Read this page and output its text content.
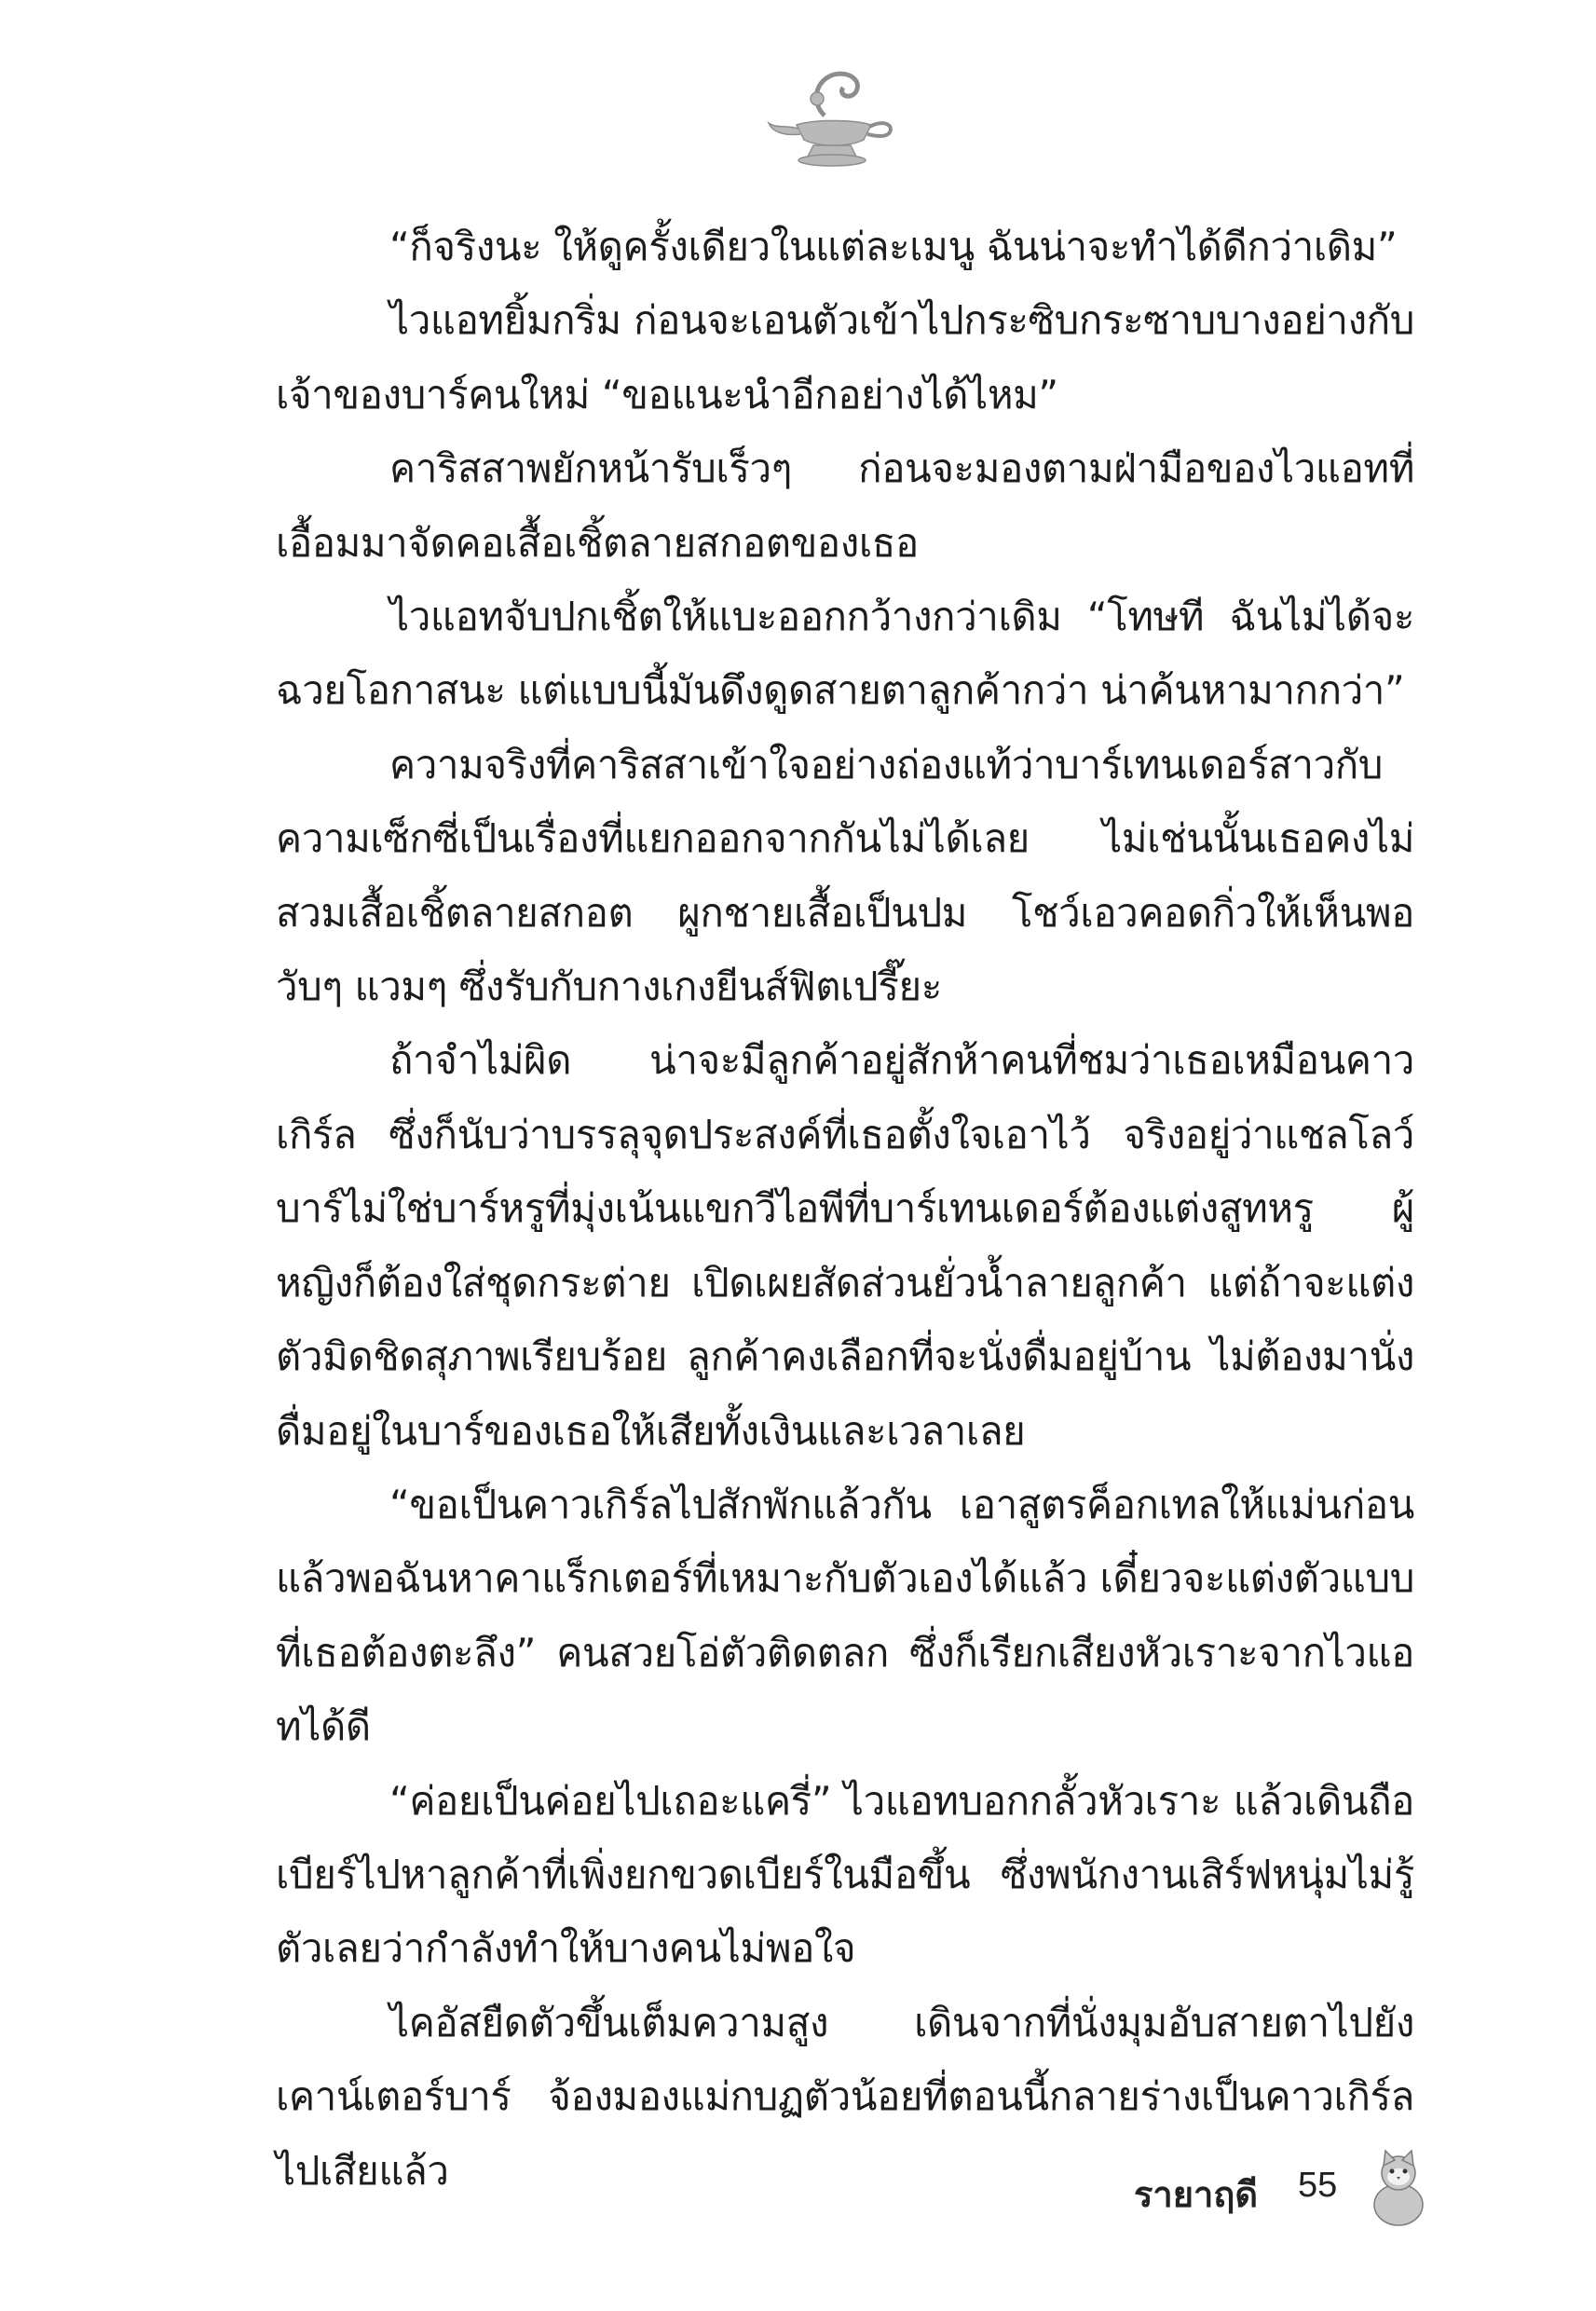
“ก็จริงนะ ให้ดูครั้งเดียวในแต่ละเมนู ฉันน่าจะทำได้ดีกว่าเดิม”

ไวแอทยิ้มกริ่ม ก่อนจะเอนตัวเข้าไปกระซิบกระซาบบางอย่างกับเจ้าของบาร์คนใหม่ “ขอแนะนำอีกอย่างได้ไหม”

คาริสสาพยักหน้ารับเร็วๆ ก่อนจะมองตามฝ่ามือของไวแอทที่เอื้อมมาจัดคอเสื้อเชิ้ตลายสกอตของเธอ

ไวแอทจับปกเชิ้ตให้แบะออกกว้างกว่าเดิม “โทษที ฉันไม่ได้จะฉวยโอกาสนะ แต่แบบนี้มันดึงดูดสายตาลูกค้ากว่า น่าค้นหามากกว่า”

ความจริงที่คาริสสาเข้าใจอย่างถ่องแท้ว่าบาร์เทนเดอร์สาวกับความเซ็กซี่เป็นเรื่องที่แยกออกจากกันไม่ได้เลย ไม่เช่นนั้นเธอคงไม่สวมเสื้อเชิ้ตลายสกอต ผูกชายเสื้อเป็นปม โชว์เอวคอดกิ่วให้เห็นพอวับๆ แวมๆ ซึ่งรับกับกางเกงยีนส์ฟิตเปรี๊ยะ

ถ้าจำไม่ผิด น่าจะมีลูกค้าอยู่สักห้าคนที่ชมว่าเธอเหมือนคาวเกิร์ล ซึ่งก็นับว่าบรรลุจุดประสงค์ที่เธอตั้งใจเอาไว้ จริงอยู่ว่าแชลโลว์บาร์ไม่ใช่บาร์หรูที่มุ่งเน้นแขกวีไอพีที่บาร์เทนเดอร์ต้องแต่งสูทหรู ผู้หญิงก็ต้องใส่ชุดกระต่าย เปิดเผยสัดส่วนยั่วน้ำลายลูกค้า แต่ถ้าจะแต่งตัวมิดชิดสุภาพเรียบร้อย ลูกค้าคงเลือกที่จะนั่งดื่มอยู่บ้าน ไม่ต้องมานั่งดื่มอยู่ในบาร์ของเธอให้เสียทั้งเงินและเวลาเลย

“ขอเป็นคาวเกิร์ลไปสักพักแล้วกัน เอาสูตรค็อกเทลให้แม่นก่อน แล้วพอฉันหาคาแร็กเตอร์ที่เหมาะกับตัวเองได้แล้ว เดี๋ยวจะแต่งตัวแบบที่เธอต้องตะลึง” คนสวยโอ่ตัวติดตลก ซึ่งก็เรียกเสียงหัวเราะจากไวแอทได้ดี

“ค่อยเป็นค่อยไปเถอะแครี่” ไวแอทบอกกลั้วหัวเราะ แล้วเดินถือเบียร์ไปหาลูกค้าที่เพิ่งยกขวดเบียร์ในมือขึ้น ซึ่งพนักงานเสิร์ฟหนุ่มไม่รู้ตัวเลยว่ากำลังทำให้บางคนไม่พอใจ

ไคอัสยืดตัวขึ้นเต็มความสูง เดินจากที่นั่งมุมอับสายตาไปยังเคาน์เตอร์บาร์ จ้องมองแม่กบฏตัวน้อยที่ตอนนี้กลายร่างเป็นคาวเกิร์ลไปเสียแล้ว

รายาฤดี 55
